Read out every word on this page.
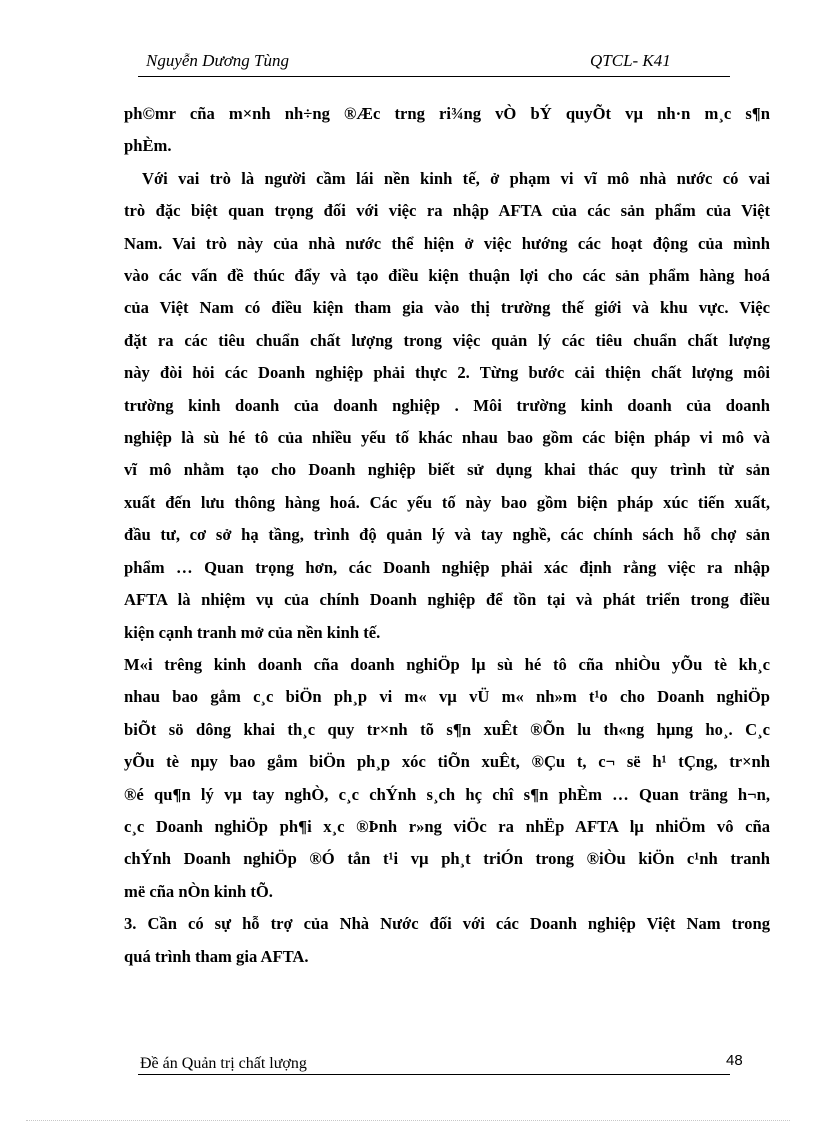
Nguyễn Dương Tùng	QTCL- K41
ph©mr cña m×nh nh÷ng ®Æc trng ri¾ng vÒ bÝ quyÕt vµ nh·n m¸c s¶n
phÈm.
Với vai trò là người cầm lái nền kinh tế, ở phạm vi vĩ mô nhà nước có vai
trò đặc biệt quan trọng đối với việc ra nhập AFTA của các sản phẩm của Việt
Nam. Vai trò này của nhà nước thể hiện ở việc hướng các hoạt động của mình
vào các vấn đề thúc đẩy và tạo điều kiện thuận lợi cho các sản phẩm hàng hoá
của Việt Nam có điều kiện tham gia vào thị trường thế giới và khu vực. Việc
đặt ra các tiêu chuẩn chất lượng trong việc quản lý các tiêu chuẩn chất lượng
này đòi hỏi các Doanh nghiệp phải thực 2. Từng bước cải thiện chất lượng môi
trường kinh doanh của doanh nghiệp . Môi trường kinh doanh của doanh
nghiệp là sù hé tô của nhiều yếu tố khác nhau bao gồm các biện pháp vi mô và
vĩ mô nhằm tạo cho Doanh nghiệp biết sử dụng khai thác quy trình từ sản
xuất đến lưu thông hàng hoá. Các yếu tố này bao gồm biện pháp xúc tiến xuất,
đầu tư, cơ sở hạ tầng, trình độ quản lý và tay nghề, các chính sách hỗ chợ sản
phẩm … Quan trọng hơn, các Doanh nghiệp phải xác định rằng việc ra nhập
AFTA là nhiệm vụ của chính Doanh nghiệp để tồn tại và phát triển trong điều
kiện cạnh tranh mở của nền kinh tế.
M«i trêng kinh doanh cña doanh nghiÖp lµ sù hé tô cña nhiÒu yÕu tè kh¸c
nhau bao gåm c¸c biÖn ph¸p vi m« vµ vÜ m« nh»m t¹o cho Doanh nghiÖp
biÕt sö dông khai th¸c quy tr×nh tõ s¶n xuÊt ®Õn lu th«ng hµng ho¸. C¸c
yÕu tè nµy bao gåm biÖn ph¸p xóc tiÕn xuÊt, ®Çu t, c¬ së h¹ tÇng, tr×nh
®é qu¶n lý vµ tay nghÒ, c¸c chÝnh s¸ch hç chî s¶n phÈm … Quan träng h¬n,
c¸c Doanh nghiÖp ph¶i x¸c ®Þnh r»ng viÖc ra nhËp AFTA lµ nhiÖm vô cña
chÝnh Doanh nghiÖp ®Ó tån t¹i vµ ph¸t triÓn trong ®iÒu kiÖn c¹nh tranh
më cña nÒn kinh tÕ.
3. Cần có sự hỗ trợ của Nhà Nước đối với các Doanh nghiệp Việt Nam trong
quá trình tham gia AFTA.
Đề án Quản trị chất lượng	48
